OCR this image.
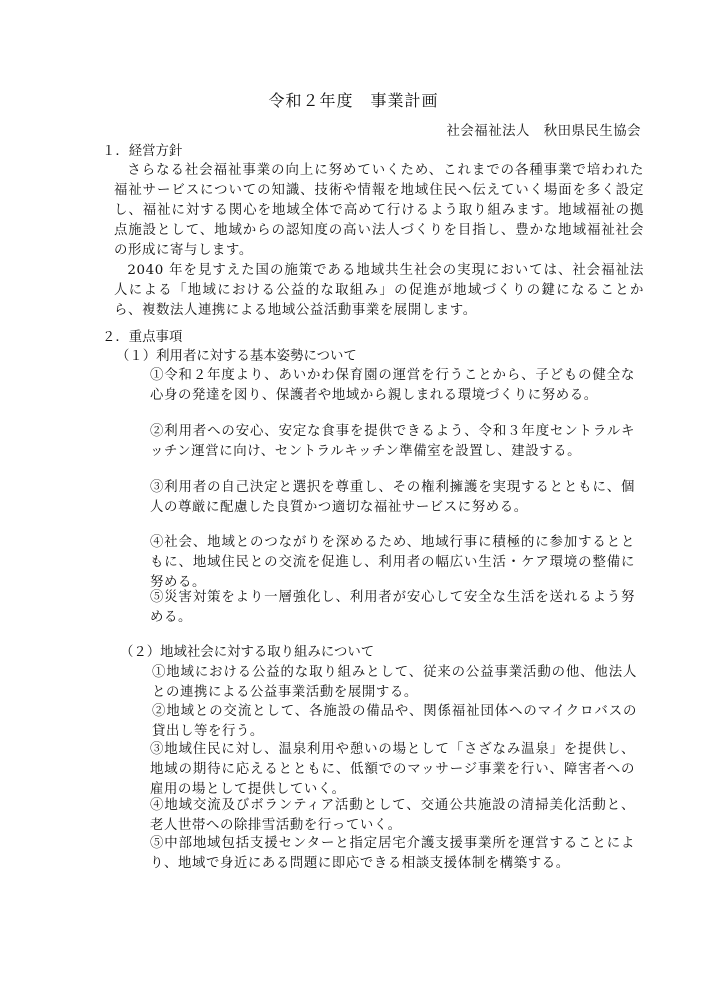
令和２年度　事業計画
社会福祉法人　秋田県民生協会
１．経営方針

さらなる社会福祉事業の向上に努めていくため、これまでの各種事業で培われた福祉サービスについての知識、技術や情報を地域住民へ伝えていく場面を多く設定し、福祉に対する関心を地域全体で高めて行けるよう取り組みます。地域福祉の拠点施設として、地域からの認知度の高い法人づくりを目指し、豊かな地域福祉社会の形成に寄与します。

2040 年を見すえた国の施策である地域共生社会の実現においては、社会福祉法人による「地域における公益的な取組み」の促進が地域づくりの鍵になることから、複数法人連携による地域公益活動事業を展開します。

２．重点事項
（１）利用者に対する基本姿勢について
①令和２年度より、あいかわ保育園の運営を行うことから、子どもの健全な心身の発達を図り、保護者や地域から親しまれる環境づくりに努める。
②利用者への安心、安定な食事を提供できるよう、令和３年度セントラルキッチン運営に向け、セントラルキッチン準備室を設置し、建設する。
③利用者の自己決定と選択を尊重し、その権利擁護を実現するとともに、個人の尊厳に配慮した良質かつ適切な福祉サービスに努める。
④社会、地域とのつながりを深めるため、地域行事に積極的に参加するとともに、地域住民との交流を促進し、利用者の幅広い生活・ケア環境の整備に努める。
⑤災害対策をより一層強化し、利用者が安心して安全な生活を送れるよう努める。
（２）地域社会に対する取り組みについて
①地域における公益的な取り組みとして、従来の公益事業活動の他、他法人との連携による公益事業活動を展開する。
②地域との交流として、各施設の備品や、関係福祉団体へのマイクロバスの貸出し等を行う。
③地域住民に対し、温泉利用や憩いの場として「さざなみ温泉」を提供し、地域の期待に応えるとともに、低額でのマッサージ事業を行い、障害者への雇用の場として提供していく。
④地域交流及びボランティア活動として、交通公共施設の清掃美化活動と、老人世帯への除排雪活動を行っていく。
⑤中部地域包括支援センターと指定居宅介護支援事業所を運営することにより、地域で身近にある問題に即応できる相談支援体制を構築する。
